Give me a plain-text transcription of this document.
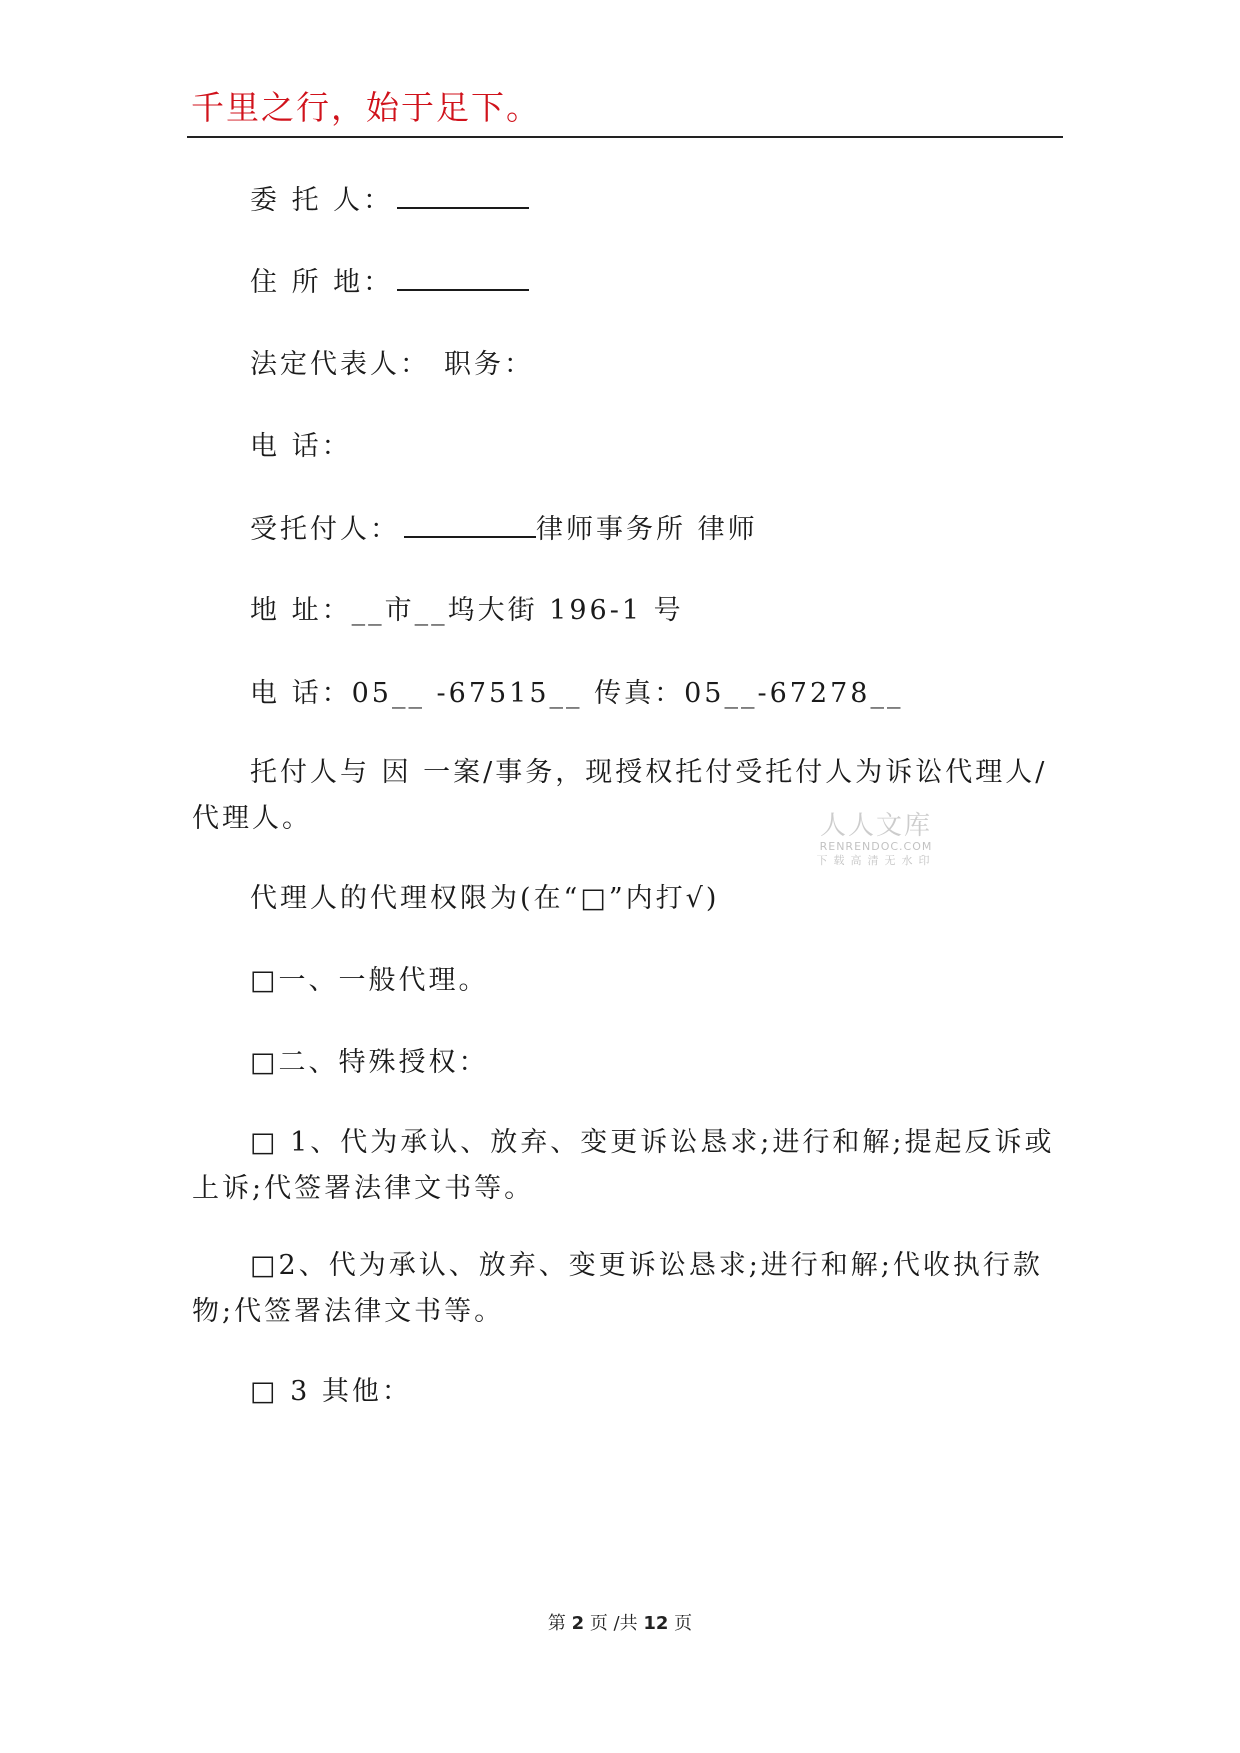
千里之行，始于足下。
委 托 人：
住 所 地：
法定代表人： 职务：
电 话：
受托付人：	律师事务所 律师
地 址：__市__坞大街 196-1 号
电 话：05__ -67515__ 传真：05__-67278__
托付人与 因 一案/事务，现授权托付受托付人为诉讼代理人/代理人。
代理人的代理权限为(在“□”内打√)
□一、一般代理。
□二、特殊授权：
□ 1、代为承认、放弃、变更诉讼恳求;进行和解;提起反诉或上诉;代签署法律文书等。
□2、代为承认、放弃、变更诉讼恳求;进行和解;代收执行款物;代签署法律文书等。
□ 3 其他：
人人文库
RENRENDOC.COM
下载高清无水印
第 2 页 /共 12 页
